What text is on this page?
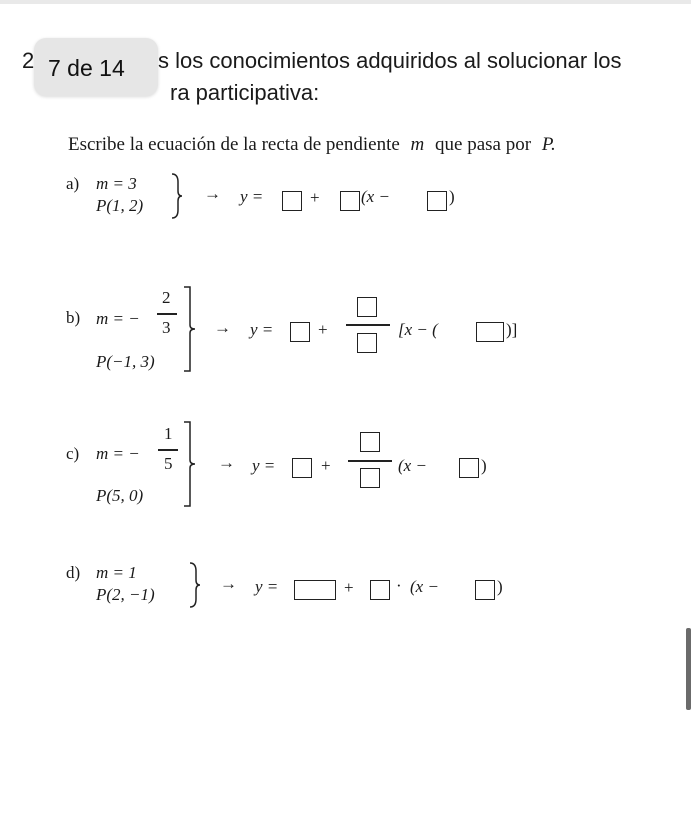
2	s los conocimientos adquiridos al solucionar los
ra participativa:
7 de 14
Escribe la ecuación de la recta de pendiente m que pasa por P.
a) m = 3
P(1, 2)
→ y =	+ (x −	)
b) m = −
2
3
P(−1, 3)
→ y =	+	[x − (	)]
c) m = −
1
5
P(5, 0)
→ y =	+	(x −	)
d) m = 1
P(2, −1)
→ y =	+ · (x −	)
